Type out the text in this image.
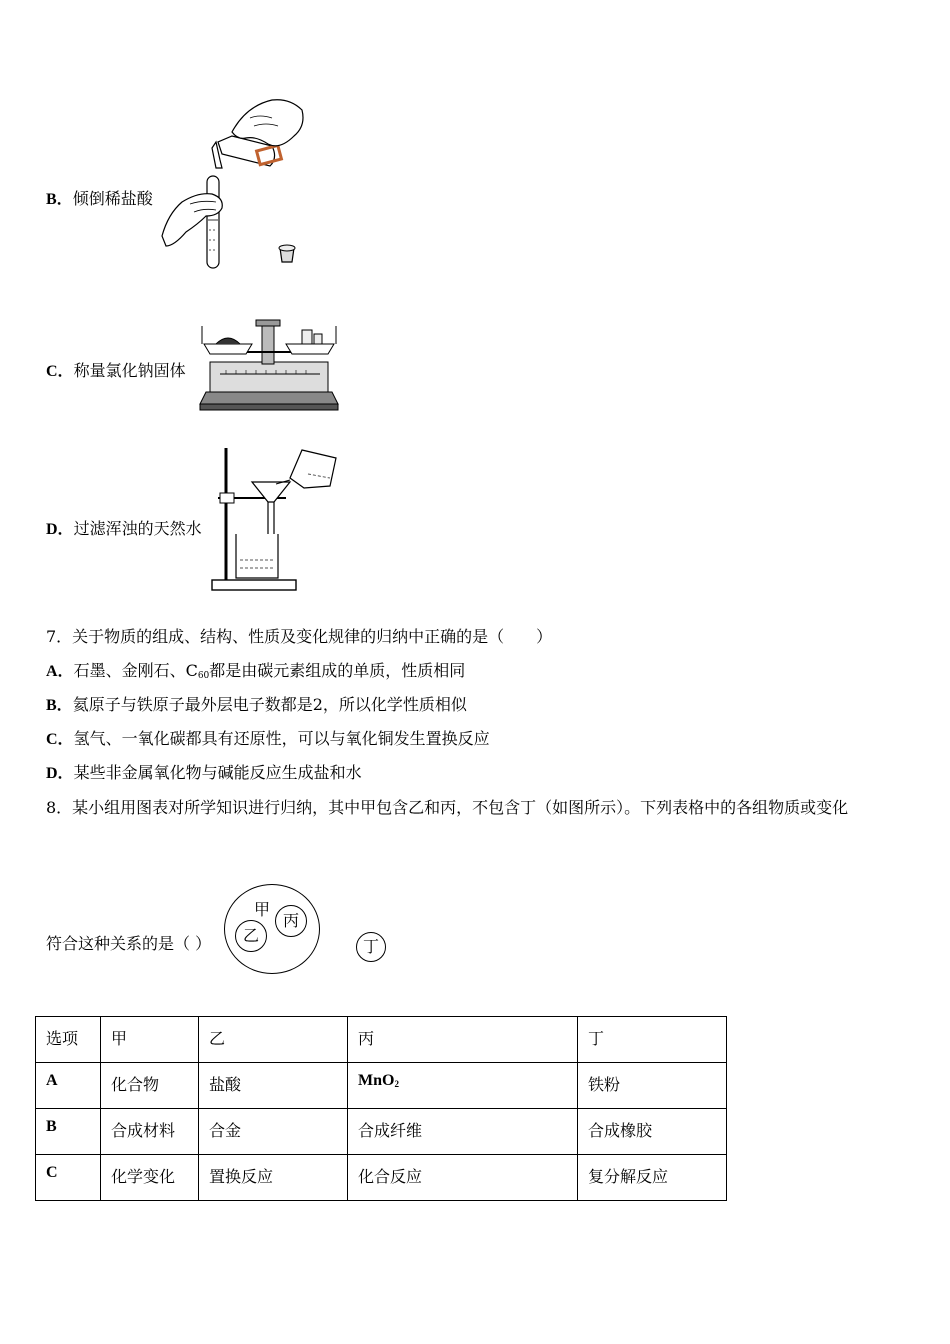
B．倾倒稀盐酸
C．称量氯化钠固体
D．过滤浑浊的天然水
7．关于物质的组成、结构、性质及变化规律的归纳中正确的是（　　）
A．石墨、金刚石、$C_{60}$都是由碳元素组成的单质，性质相同
B．氦原子与铁原子最外层电子数都是2，所以化学性质相似
C．氢气、一氧化碳都具有还原性，可以与氧化铜发生置换反应
D．某些非金属氧化物与碱能反应生成盐和水
8．某小组用图表对所学知识进行归纳，其中甲包含乙和丙，不包含丁（如图所示）。下列表格中的各组物质或变化
符合这种关系的是（ ）
甲
丙
乙
丁
选项	甲	乙	丙	丁
A	化合物	盐酸	MnO$_2$	铁粉
B	合成材料	合金	合成纤维	合成橡胶
C	化学变化	置换反应	化合反应	复分解反应
